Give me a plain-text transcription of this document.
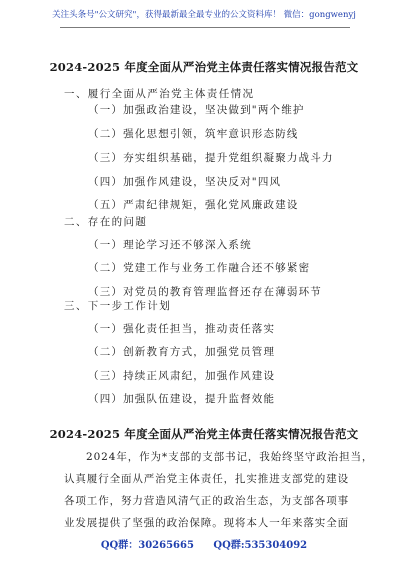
关注头条号"公文研究"，获得最新最全最专业的公文资料库！ 微信：gongwenyj
2024-2025 年度全面从严治党主体责任落实情况报告范文
一、履行全面从严治党主体责任情况
（一）加强政治建设，坚决做到"两个维护
（二）强化思想引领，筑牢意识形态防线
（三）夯实组织基础，提升党组织凝聚力战斗力
（四）加强作风建设，坚决反对"四风
（五）严肃纪律规矩，强化党风廉政建设
二、存在的问题
（一）理论学习还不够深入系统
（二）党建工作与业务工作融合还不够紧密
（三）对党员的教育管理监督还存在薄弱环节
三、下一步工作计划
（一）强化责任担当，推动责任落实
（二）创新教育方式，加强党员管理
（三）持续正风肃纪，加强作风建设
（四）加强队伍建设，提升监督效能
2024-2025 年度全面从严治党主体责任落实情况报告范文
2024年，作为*支部的支部书记，我始终坚守政治担当，
认真履行全面从严治党主体责任，扎实推进支部党的建设
各项工作，努力营造风清气正的政治生态，为支部各项事
业发展提供了坚强的政治保障。现将本人一年来落实全面
QQ群：30265665 QQ群:535304092
